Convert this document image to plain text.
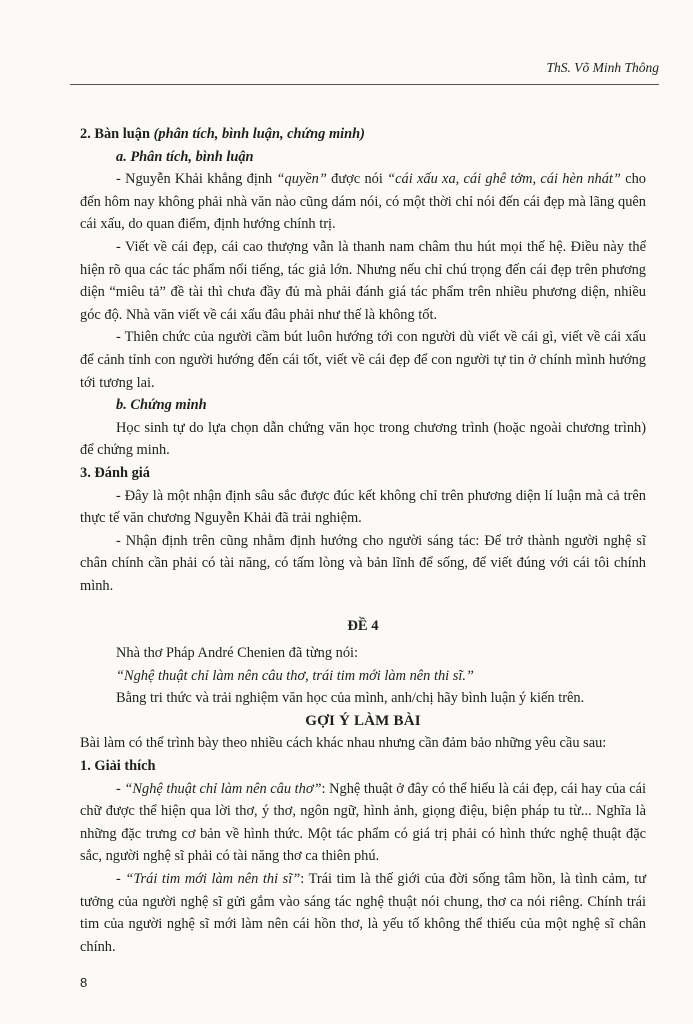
ThS. Võ Minh Thông

2. Bàn luận (phân tích, bình luận, chứng minh)

a. Phân tích, bình luận

- Nguyễn Khải khẳng định “quyền” được nói “cái xấu xa, cái ghê tởm, cái hèn nhát” cho đến hôm nay không phải nhà văn nào cũng dám nói, có một thời chỉ nói đến cái đẹp mà lãng quên cái xấu, do quan điểm, định hướng chính trị.

- Viết về cái đẹp, cái cao thượng vẫn là thanh nam châm thu hút mọi thế hệ. Điều này thể hiện rõ qua các tác phẩm nổi tiếng, tác giả lớn. Nhưng nếu chỉ chú trọng đến cái đẹp trên phương diện “miêu tả” đề tài thì chưa đầy đủ mà phải đánh giá tác phẩm trên nhiều phương diện, nhiều góc độ. Nhà văn viết về cái xấu đâu phải như thế là không tốt.

- Thiên chức của người cầm bút luôn hướng tới con người dù viết về cái gì, viết về cái xấu để cảnh tỉnh con người hướng đến cái tốt, viết về cái đẹp để con người tự tin ở chính mình hướng tới tương lai.

b. Chứng minh

Học sinh tự do lựa chọn dẫn chứng văn học trong chương trình (hoặc ngoài chương trình) để chứng minh.

3. Đánh giá

- Đây là một nhận định sâu sắc được đúc kết không chỉ trên phương diện lí luận mà cả trên thực tế văn chương Nguyễn Khải đã trải nghiệm.

- Nhận định trên cũng nhằm định hướng cho người sáng tác: Để trở thành người nghệ sĩ chân chính cần phải có tài năng, có tấm lòng và bản lĩnh để sống, để viết đúng với cái tôi chính mình.

ĐỀ 4

Nhà thơ Pháp André Chenien đã từng nói:

“Nghệ thuật chỉ làm nên câu thơ, trái tim mới làm nên thi sĩ.”

Bằng tri thức và trải nghiệm văn học của mình, anh/chị hãy bình luận ý kiến trên.

GỢI Ý LÀM BÀI

Bài làm có thể trình bày theo nhiều cách khác nhau nhưng cần đảm bảo những yêu cầu sau:

1. Giải thích

- “Nghệ thuật chỉ làm nên câu thơ”: Nghệ thuật ở đây có thể hiểu là cái đẹp, cái hay của cái chữ được thể hiện qua lời thơ, ý thơ, ngôn ngữ, hình ảnh, giọng điệu, biện pháp tu từ... Nghĩa là những đặc trưng cơ bản về hình thức. Một tác phẩm có giá trị phải có hình thức nghệ thuật đặc sắc, người nghệ sĩ phải có tài năng thơ ca thiên phú.

- “Trái tim mới làm nên thi sĩ”: Trái tim là thế giới của đời sống tâm hồn, là tình cảm, tư tưởng của người nghệ sĩ gửi gắm vào sáng tác nghệ thuật nói chung, thơ ca nói riêng. Chính trái tim của người nghệ sĩ mới làm nên cái hồn thơ, là yếu tố không thể thiếu của một nghệ sĩ chân chính.

8
